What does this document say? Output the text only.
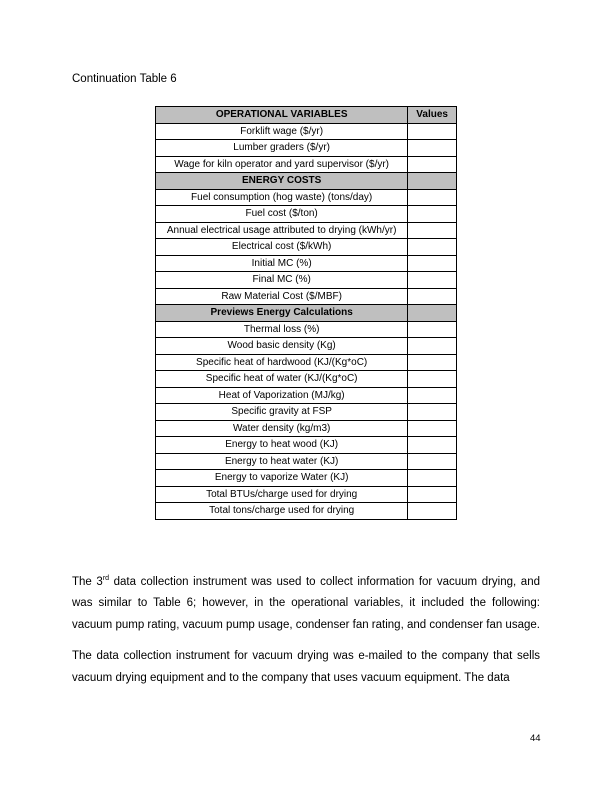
Continuation Table 6
OPERATIONAL VARIABLES	Values
Forklift wage ($/yr)	
Lumber graders ($/yr)	
Wage for kiln operator and yard supervisor ($/yr)	
ENERGY COSTS	
Fuel consumption (hog waste) (tons/day)	
Fuel cost ($/ton)	
Annual electrical usage attributed to drying (kWh/yr)	
Electrical cost ($/kWh)	
Initial MC (%)	
Final MC (%)	
Raw Material Cost ($/MBF)	
Previews Energy Calculations	
Thermal loss (%)	
Wood basic density (Kg)	
Specific heat of hardwood (KJ/(Kg*oC)	
Specific heat of water (KJ/(Kg*oC)	
Heat of Vaporization (MJ/kg)	
Specific gravity at FSP	
Water density (kg/m3)	
Energy to heat wood (KJ)	
Energy to heat water (KJ)	
Energy to vaporize Water (KJ)	
Total BTUs/charge used for drying	
Total tons/charge used for drying	
The 3rd data collection instrument was used to collect information for vacuum drying, and was similar to Table 6; however, in the operational variables, it included the following: vacuum pump rating, vacuum pump usage, condenser fan rating, and condenser fan usage.
The data collection instrument for vacuum drying was e-mailed to the company that sells vacuum drying equipment and to the company that uses vacuum equipment. The data
44
